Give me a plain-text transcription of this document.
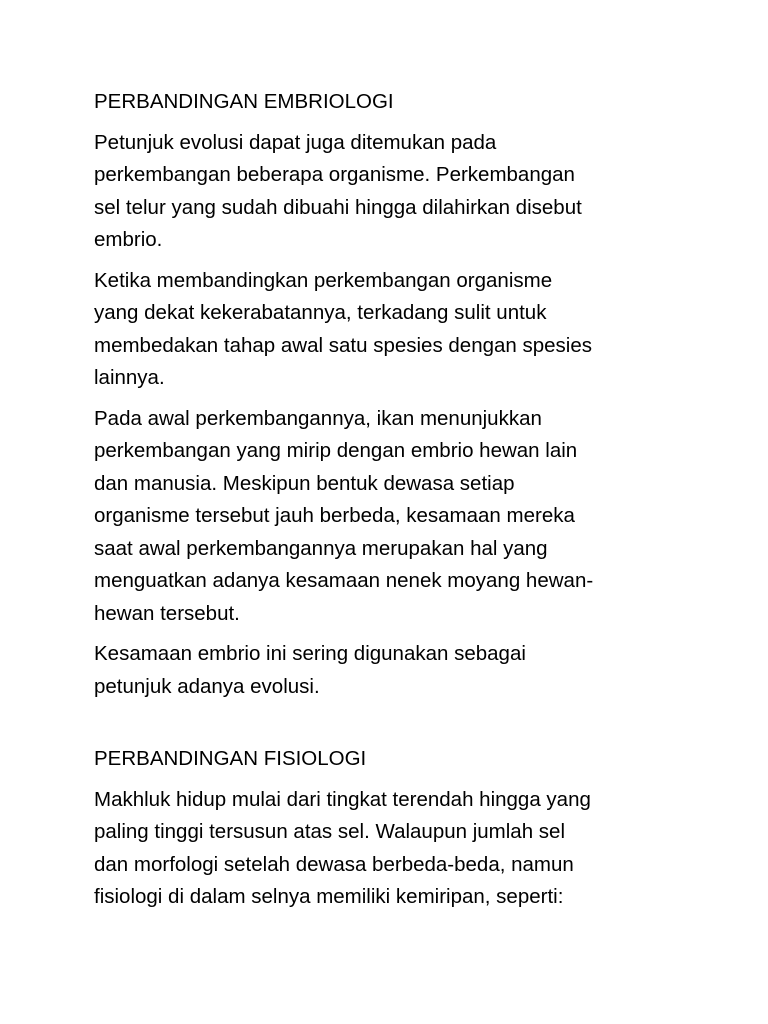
PERBANDINGAN EMBRIOLOGI
Petunjuk evolusi dapat juga ditemukan pada
perkembangan beberapa organisme. Perkembangan
sel telur yang sudah dibuahi hingga dilahirkan disebut
embrio.
Ketika membandingkan perkembangan organisme
yang dekat kekerabatannya, terkadang sulit untuk
membedakan tahap awal satu spesies dengan spesies
lainnya.
Pada awal perkembangannya, ikan menunjukkan
perkembangan yang mirip dengan embrio hewan lain
dan manusia. Meskipun bentuk dewasa setiap
organisme tersebut jauh berbeda, kesamaan mereka
saat awal perkembangannya merupakan hal yang
menguatkan adanya kesamaan nenek moyang hewan-
hewan tersebut.
Kesamaan embrio ini sering digunakan sebagai
petunjuk adanya evolusi.
PERBANDINGAN FISIOLOGI
Makhluk hidup mulai dari tingkat terendah hingga yang
paling tinggi tersusun atas sel. Walaupun jumlah sel
dan morfologi setelah dewasa berbeda-beda, namun
fisiologi di dalam selnya memiliki kemiripan, seperti:
